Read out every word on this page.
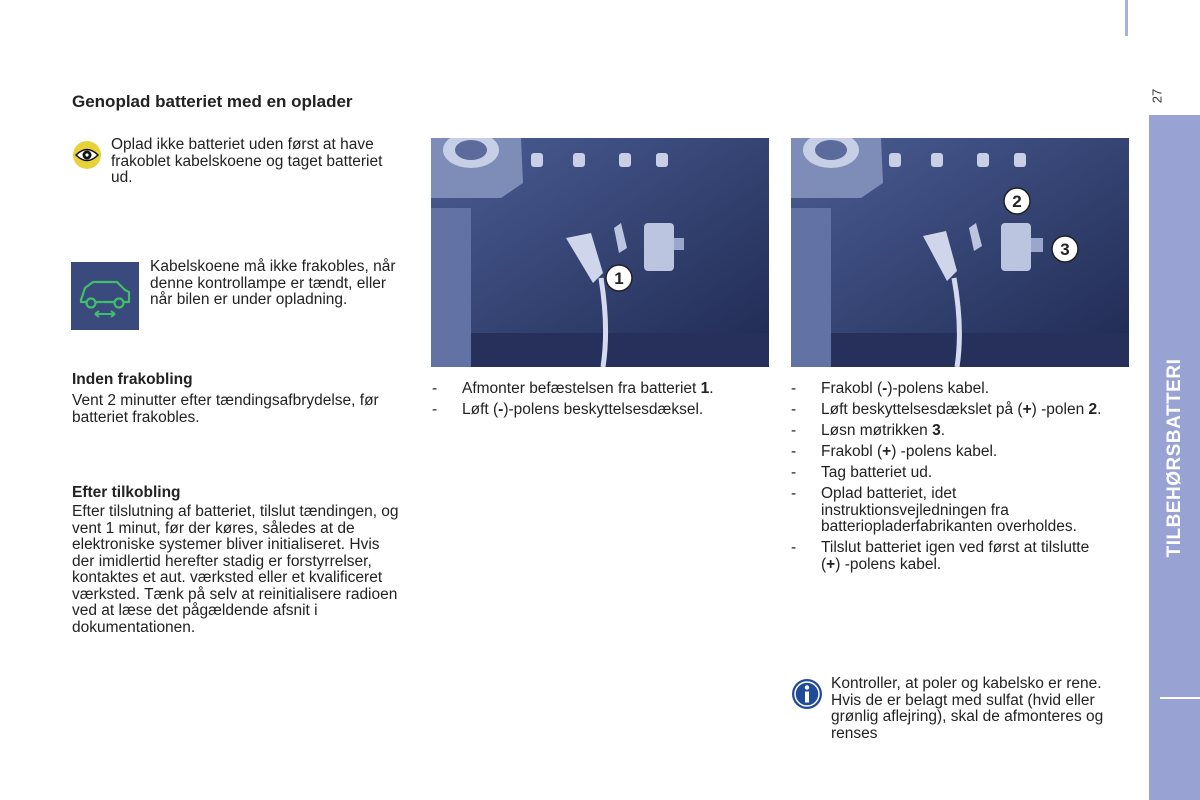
27
TILBEHØRSBATTERI
Genoplad batteriet med en oplader
Oplad ikke batteriet uden først at have frakoblet kabelskoene og taget batteriet ud.
Kabelskoene må ikke frakobles, når denne kontrollampe er tændt, eller når bilen er under opladning.
Inden frakobling
Vent 2 minutter efter tændingsafbrydelse, før batteriet frakobles.
Efter tilkobling
Efter tilslutning af batteriet, tilslut tændingen, og vent 1 minut, før der køres, således at de elektroniske systemer bliver initialiseret. Hvis der imidlertid herefter stadig er forstyrrelser, kontaktes et aut. værksted eller et kvalificeret værksted. Tænk på selv at reinitialisere radioen ved at læse det pågældende afsnit i dokumentationen.
1
2
3
- Afmonter befæstelsen fra batteriet 1.
- Løft (-)-polens beskyttelsesdæksel.
- Frakobl (-)-polens kabel.
- Løft beskyttelsesdækslet på (+) -polen 2.
- Løsn møtrikken 3.
- Frakobl (+) -polens kabel.
- Tag batteriet ud.
- Oplad batteriet, idet instruktionsvejledningen fra batteriopladerfabrikanten overholdes.
- Tilslut batteriet igen ved først at tilslutte (+) -polens kabel.
Kontroller, at poler og kabelsko er rene. Hvis de er belagt med sulfat (hvid eller grønlig aflejring), skal de afmonteres og renses
